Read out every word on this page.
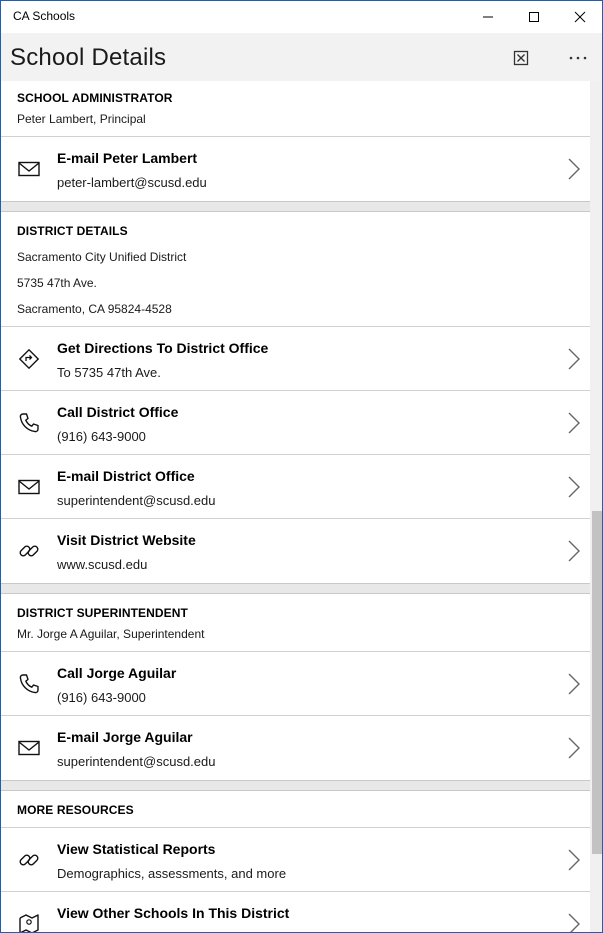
CA Schools
School Details
SCHOOL ADMINISTRATOR
Peter Lambert, Principal
E-mail Peter Lambert
peter-lambert@scusd.edu
DISTRICT DETAILS
Sacramento City Unified District
5735 47th Ave.
Sacramento, CA 95824-4528
Get Directions To District Office
To 5735 47th Ave.
Call District Office
(916) 643-9000
E-mail District Office
superintendent@scusd.edu
Visit District Website
www.scusd.edu
DISTRICT SUPERINTENDENT
Mr. Jorge A Aguilar, Superintendent
Call Jorge Aguilar
(916) 643-9000
E-mail Jorge Aguilar
superintendent@scusd.edu
MORE RESOURCES
View Statistical Reports
Demographics, assessments, and more
View Other Schools In This District
